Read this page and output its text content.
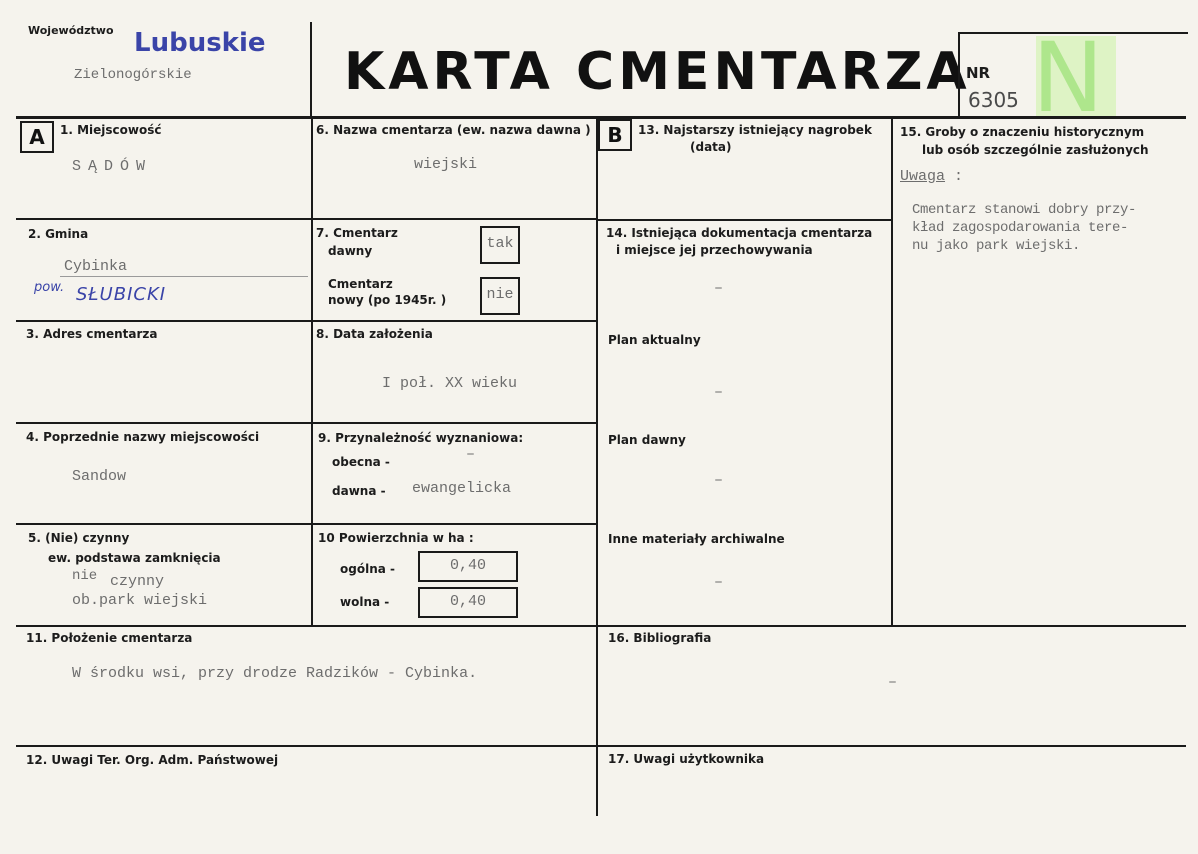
Województwo Lubuskie
Zielonogórskie	KARTA CMENTARZA
NR
6305 N
A	B
1. Miejscowość
SĄDÓW
2. Gmina
Cybinka
pow. SŁUBICKI
3. Adres cmentarza
4. Poprzednie nazwy miejscowości
Sandow
5. (Nie) czynny
ew. podstawa zamknięcia
nie czynny
ob.park wiejski
6. Nazwa cmentarza (ew. nazwa dawna )
wiejski
7. Cmentarz
dawny	tak
Cmentarz
nowy (po 1945r. )	nie
8. Data założenia
I poł. XX wieku
9. Przynależność wyznaniowa:
obecna -	–
dawna - ewangelicka
10 Powierzchnia w ha :
ogólna -	0,40
wolna -	0,40
11. Położenie cmentarza
W środku wsi, przy drodze Radzików - Cybinka.
12. Uwagi Ter. Org. Adm. Państwowej
13. Najstarszy istniejący nagrobek
(data)
14. Istniejąca dokumentacja cmentarza
i miejsce jej przechowywania
–
Plan aktualny
–
Plan dawny
–
Inne materiały archiwalne
–
15. Groby o znaczeniu historycznym
lub osób szczególnie zasłużonych
Uwaga :
Cmentarz stanowi dobry przy-
kład zagospodarowania tere-
nu jako park wiejski.
16. Bibliografia
–
17. Uwagi użytkownika
